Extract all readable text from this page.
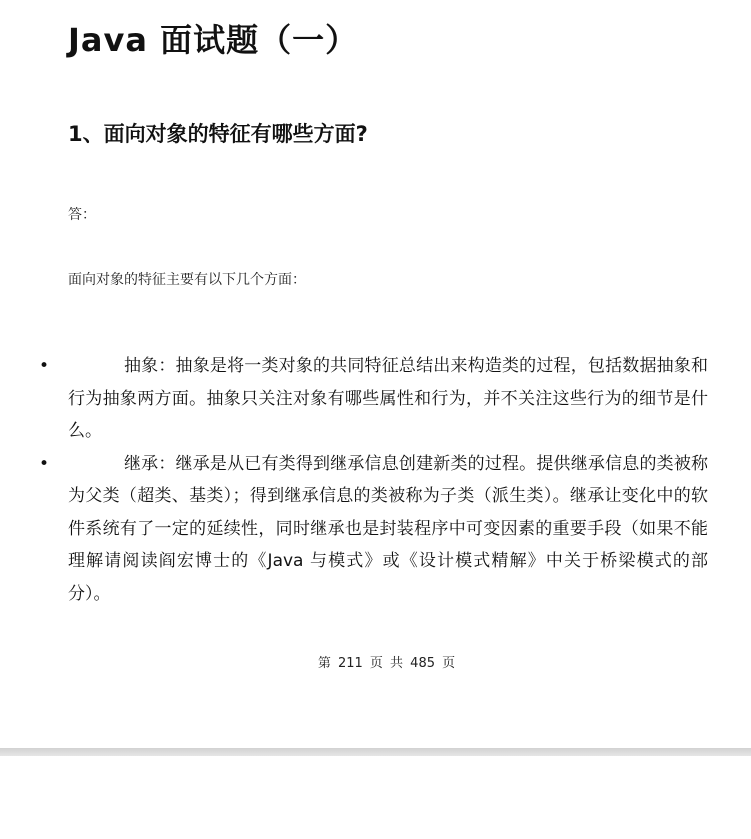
Java 面试题（一）
1、面向对象的特征有哪些方面?
答：
面向对象的特征主要有以下几个方面：
•	抽象：抽象是将一类对象的共同特征总结出来构造类的过程，包括数据抽象和行为抽象两方面。抽象只关注对象有哪些属性和行为，并不关注这些行为的细节是什么。
•	继承：继承是从已有类得到继承信息创建新类的过程。提供继承信息的类被称为父类（超类、基类）；得到继承信息的类被称为子类（派生类）。继承让变化中的软件系统有了一定的延续性，同时继承也是封装程序中可变因素的重要手段（如果不能理解请阅读阎宏博士的《Java 与模式》或《设计模式精解》中关于桥梁模式的部分）。
第 211 页 共 485 页
